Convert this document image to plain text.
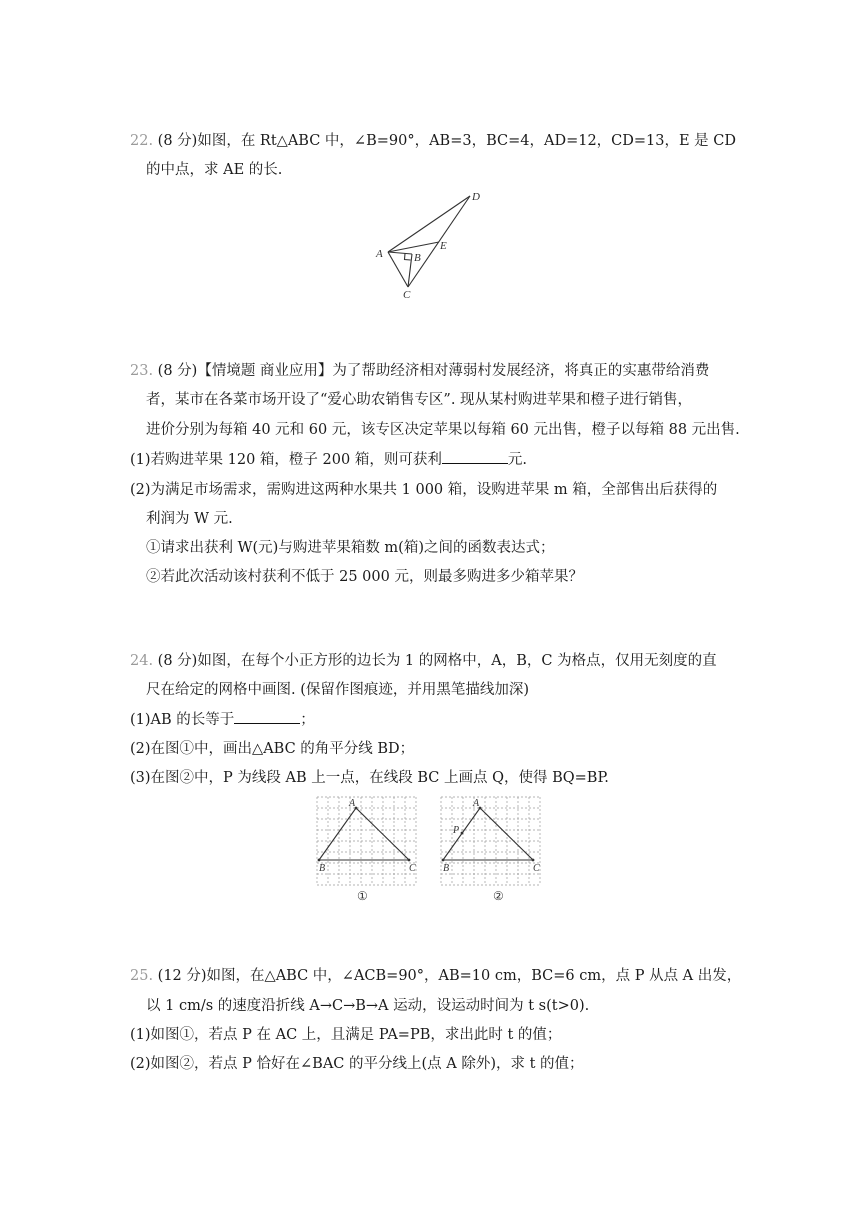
22. (8 分)如图，在 Rt△ABC 中，∠B=90°，AB=3，BC=4，AD=12，CD=13，E 是 CD
的中点，求 AE 的长.
D
A	B
E
C
23. (8 分)【情境题 商业应用】为了帮助经济相对薄弱村发展经济，将真正的实惠带给消费
者，某市在各菜市场开设了“爱心助农销售专区”. 现从某村购进苹果和橙子进行销售，
进价分别为每箱 40 元和 60 元，该专区决定苹果以每箱 60 元出售，橙子以每箱 88 元出售.
(1)若购进苹果 120 箱，橙子 200 箱，则可获利	元.
(2)为满足市场需求，需购进这两种水果共 1 000 箱，设购进苹果 m 箱，全部售出后获得的
利润为 W 元.
①请求出获利 W(元)与购进苹果箱数 m(箱)之间的函数表达式；
②若此次活动该村获利不低于 25 000 元，则最多购进多少箱苹果？
24. (8 分)如图，在每个小正方形的边长为 1 的网格中，A，B，C 为格点，仅用无刻度的直
尺在给定的网格中画图. (保留作图痕迹，并用黑笔描线加深)
(1)AB 的长等于	；
(2)在图①中，画出△ABC 的角平分线 BD；
(3)在图②中，P 为线段 AB 上一点，在线段 BC 上画点 Q，使得 BQ=BP.
A
B	C
①
A
P
B	C
②
25. (12 分)如图，在△ABC 中，∠ACB=90°，AB=10 cm，BC=6 cm，点 P 从点 A 出发，
以 1 cm/s 的速度沿折线 A→C→B→A 运动，设运动时间为 t s(t>0).
(1)如图①，若点 P 在 AC 上，且满足 PA=PB，求出此时 t 的值；
(2)如图②，若点 P 恰好在∠BAC 的平分线上(点 A 除外)，求 t 的值；
